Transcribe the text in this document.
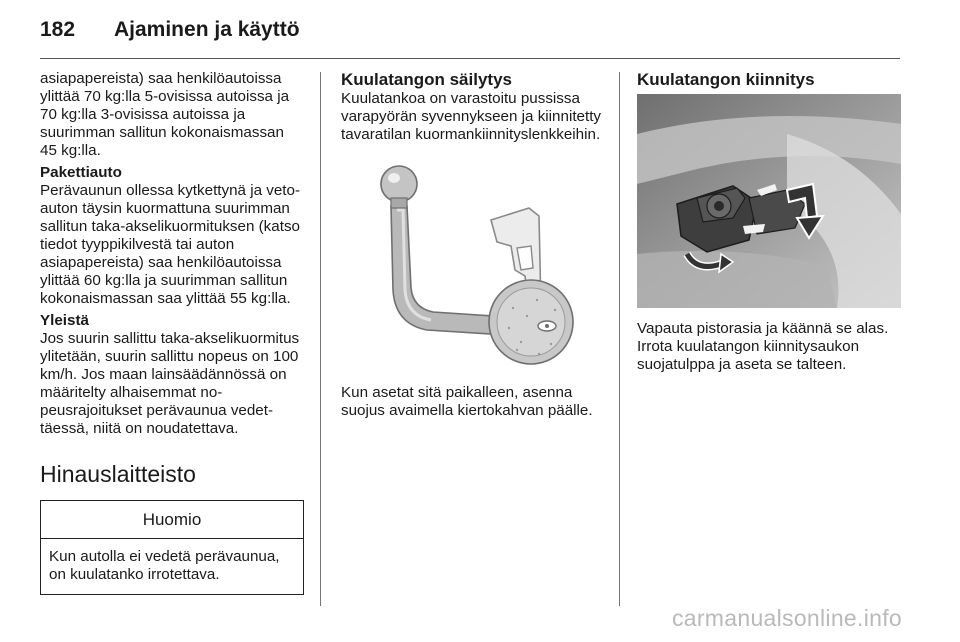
182	Ajaminen ja käyttö

asiapapereista) saa henkilöautoissa ylittää 70 kg:lla 5-ovisissa autoissa ja 70 kg:lla 3-ovisissa autoissa ja suurimman sallitun kokonaismassan 45 kg:lla.

Pakettiauto

Perävaunun ollessa kytkettynä ja vetoauton täysin kuormattuna suurimman sallitun taka-akselikuormituksen (katso tiedot tyyppikilvestä tai auton asiapapereista) saa henkilöautoissa ylittää 60 kg:lla ja suurimman sallitun kokonaismassan saa ylittää 55 kg:lla.

Yleistä

Jos suurin sallittu taka-akselikuormitus ylitetään, suurin sallittu nopeus on 100 km/h. Jos maan lainsäädännössä on määritelty alhaisemmat nopeusrajoitukset perävaunua vedettäessä, niitä on noudatettava.

Hinauslaitteisto
Huomio
Kun autolla ei vedetä perävaunua, on kuulatanko irrotettava.
Kuulatangon säilytys

Kuulatankoa on varastoitu pussissa varapyörän syvennykseen ja kiinnitetty tavaratilan kuormankiinnityslenkkeihin.

Kun asetat sitä paikalleen, asenna suojus avaimella kiertokahvan päälle.

Kuulatangon kiinnitys

Vapauta pistorasia ja käännä se alas. Irrota kuulatangon kiinnitysaukon suojatulppa ja aseta se talteen.

carmanualsonline.info
